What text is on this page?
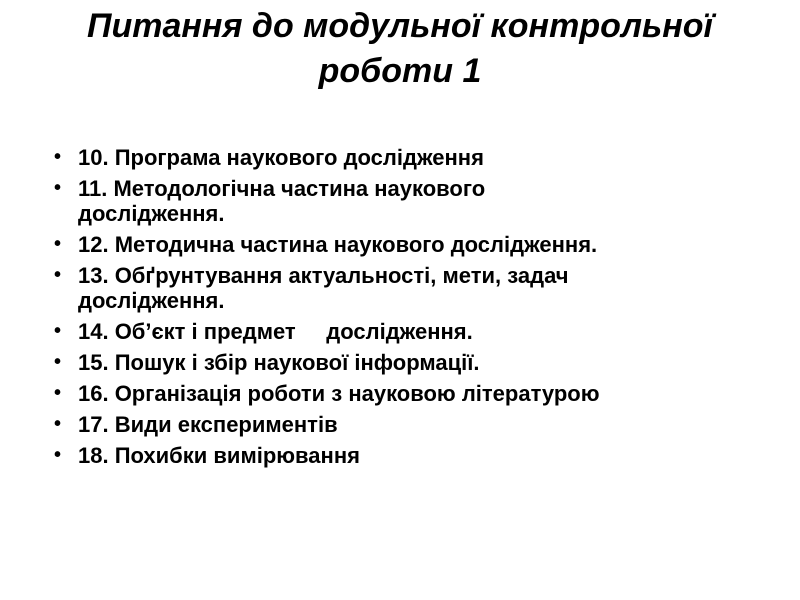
Питання до модульної контрольної
роботи 1
• 10. Програма наукового дослідження
• 11. Методологічна частина наукового
дослідження.
• 12. Методична частина наукового дослідження.
• 13. Обґрунтування актуальності, мети, задач
дослідження.
• 14. Об’єкт і предмет     дослідження.
• 15. Пошук і збір наукової інформації.
• 16. Організація роботи з науковою літературою
• 17. Види експериментів
• 18. Похибки вимірювання
